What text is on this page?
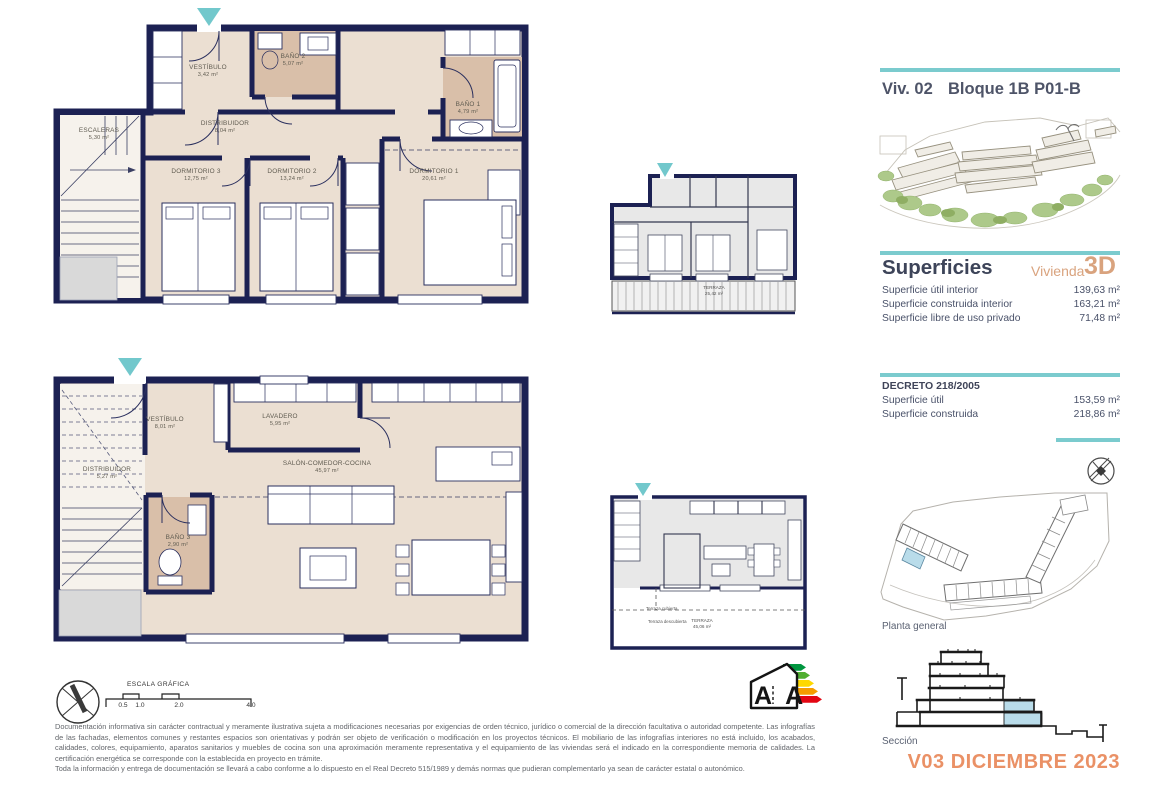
ESCALERAS
5,30 m²
VESTÍBULO
3,42 m²
BAÑO 2
5,07 m²
BAÑO 1
4,79 m²
DISTRIBUIDOR
8,04 m²
DORMITORIO 3
12,75 m²
DORMITORIO 2
13,24 m²
DORMITORIO 1
20,61 m²
VESTÍBULO
8,01 m²
LAVADERO
5,95 m²
DISTRIBUIDOR
5,27 m²
SALÓN-COMEDOR-COCINA
45,97 m²
BAÑO 3
2,90 m²
TERRAZA
25,42 m²
Terraza cubierta
Terraza descubierta TERRAZA
45,06 m²
ESCALA GRÁFICA
0.5 1.0	2.0	4.0	A A
Documentación informativa sin carácter contractual y meramente ilustrativa sujeta a modificaciones necesarias por exigencias de orden técnico, jurídico o comercial de la dirección facultativa o autoridad competente. Las infografías de las fachadas, elementos comunes y restantes espacios son orientativas y podrán ser objeto de verificación o modificación en los proyectos técnicos. El mobiliario de las infografías interiores no está incluido, los acabados, calidades, colores, equipamiento, aparatos sanitarios y muebles de cocina son una aproximación meramente representativa y el equipamiento de las viviendas será el indicado en la correspondiente memoria de calidades. La certificación energética se corresponde con la establecida en proyecto en trámite.
Toda la información y entrega de documentación se llevará a cabo conforme a lo dispuesto en el Real Decreto 515/1989 y demás normas que pudieran complementarlo ya sean de carácter estatal o autonómico.
Viv. 02 Bloque 1B P01-B
Superficies	Vivienda 3D
Superficie útil interior	139,63 m²
Superficie construida interior	163,21 m²
Superficie libre de uso privado	71,48 m²
DECRETO 218/2005
Superficie útil	153,59 m²
Superficie construida	218,86 m²
Planta general
Sección
V03 DICIEMBRE 2023
